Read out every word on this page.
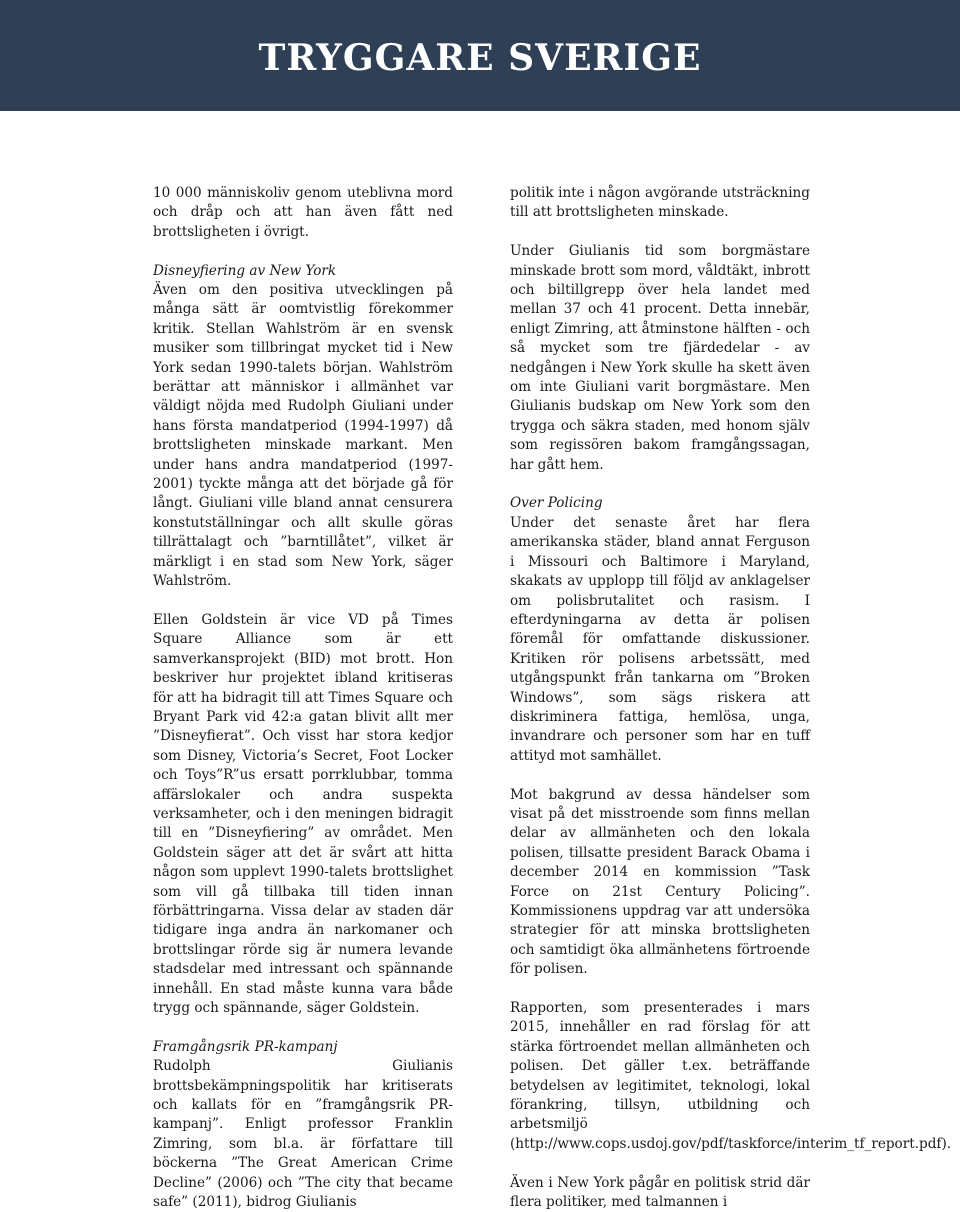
TRYGGARE SVERIGE

10 000 människoliv genom uteblivna mord och dråp och att han även fått ned brottsligheten i övrigt.

Disneyfiering av New York
Även om den positiva utvecklingen på många sätt är oomtvistlig förekommer kritik. Stellan Wahlström är en svensk musiker som tillbringat mycket tid i New York sedan 1990-talets början. Wahlström berättar att människor i allmänhet var väldigt nöjda med Rudolph Giuliani under hans första mandatperiod (1994-1997) då brottsligheten minskade markant. Men under hans andra mandatperiod (1997-2001) tyckte många att det började gå för långt. Giuliani ville bland annat censurera konstutställningar och allt skulle göras tillrättalagt och ”barntillåtet”, vilket är märkligt i en stad som New York, säger Wahlström.

Ellen Goldstein är vice VD på Times Square Alliance som är ett samverkansprojekt (BID) mot brott. Hon beskriver hur projektet ibland kritiseras för att ha bidragit till att Times Square och Bryant Park vid 42:a gatan blivit allt mer ”Disneyfierat”. Och visst har stora kedjor som Disney, Victoria’s Secret, Foot Locker och Toys”R”us ersatt porrklubbar, tomma affärslokaler och andra suspekta verksamheter, och i den meningen bidragit till en ”Disneyfiering” av området. Men Goldstein säger att det är svårt att hitta någon som upplevt 1990-talets brottslighet som vill gå tillbaka till tiden innan förbättringarna. Vissa delar av staden där tidigare inga andra än narkomaner och brottslingar rörde sig är numera levande stadsdelar med intressant och spännande innehåll. En stad måste kunna vara både trygg och spännande, säger Goldstein.

Framgångsrik PR-kampanj
Rudolph Giulianis brottsbekämpningspolitik har kritiserats och kallats för en ”framgångsrik PR-kampanj”. Enligt professor Franklin Zimring, som bl.a. är författare till böckerna ”The Great American Crime Decline” (2006) och ”The city that became safe” (2011), bidrog Giulianis

politik inte i någon avgörande utsträckning till att brottsligheten minskade.

Under Giulianis tid som borgmästare minskade brott som mord, våldtäkt, inbrott och biltillgrepp över hela landet med mellan 37 och 41 procent. Detta innebär, enligt Zimring, att åtminstone hälften - och så mycket som tre fjärdedelar - av nedgången i New York skulle ha skett även om inte Giuliani varit borgmästare. Men Giulianis budskap om New York som den trygga och säkra staden, med honom själv som regissören bakom framgångssagan, har gått hem.

Over Policing
Under det senaste året har flera amerikanska städer, bland annat Ferguson i Missouri och Baltimore i Maryland, skakats av upplopp till följd av anklagelser om polisbrutalitet och rasism. I efterdyningarna av detta är polisen föremål för omfattande diskussioner. Kritiken rör polisens arbetssätt, med utgångspunkt från tankarna om ”Broken Windows”, som sägs riskera att diskriminera fattiga, hemlösa, unga, invandrare och personer som har en tuff attityd mot samhället.

Mot bakgrund av dessa händelser som visat på det misstroende som finns mellan delar av allmänheten och den lokala polisen, tillsatte president Barack Obama i december 2014 en kommission ”Task Force on 21st Century Policing”. Kommissionens uppdrag var att undersöka strategier för att minska brottsligheten och samtidigt öka allmänhetens förtroende för polisen.

Rapporten, som presenterades i mars 2015, innehåller en rad förslag för att stärka förtroendet mellan allmänheten och polisen. Det gäller t.ex. beträffande betydelsen av legitimitet, teknologi, lokal förankring, tillsyn, utbildning och arbetsmiljö (http://www.cops.usdoj.gov/pdf/taskforce/interim_tf_report.pdf).

Även i New York pågår en politisk strid där flera politiker, med talmannen i
